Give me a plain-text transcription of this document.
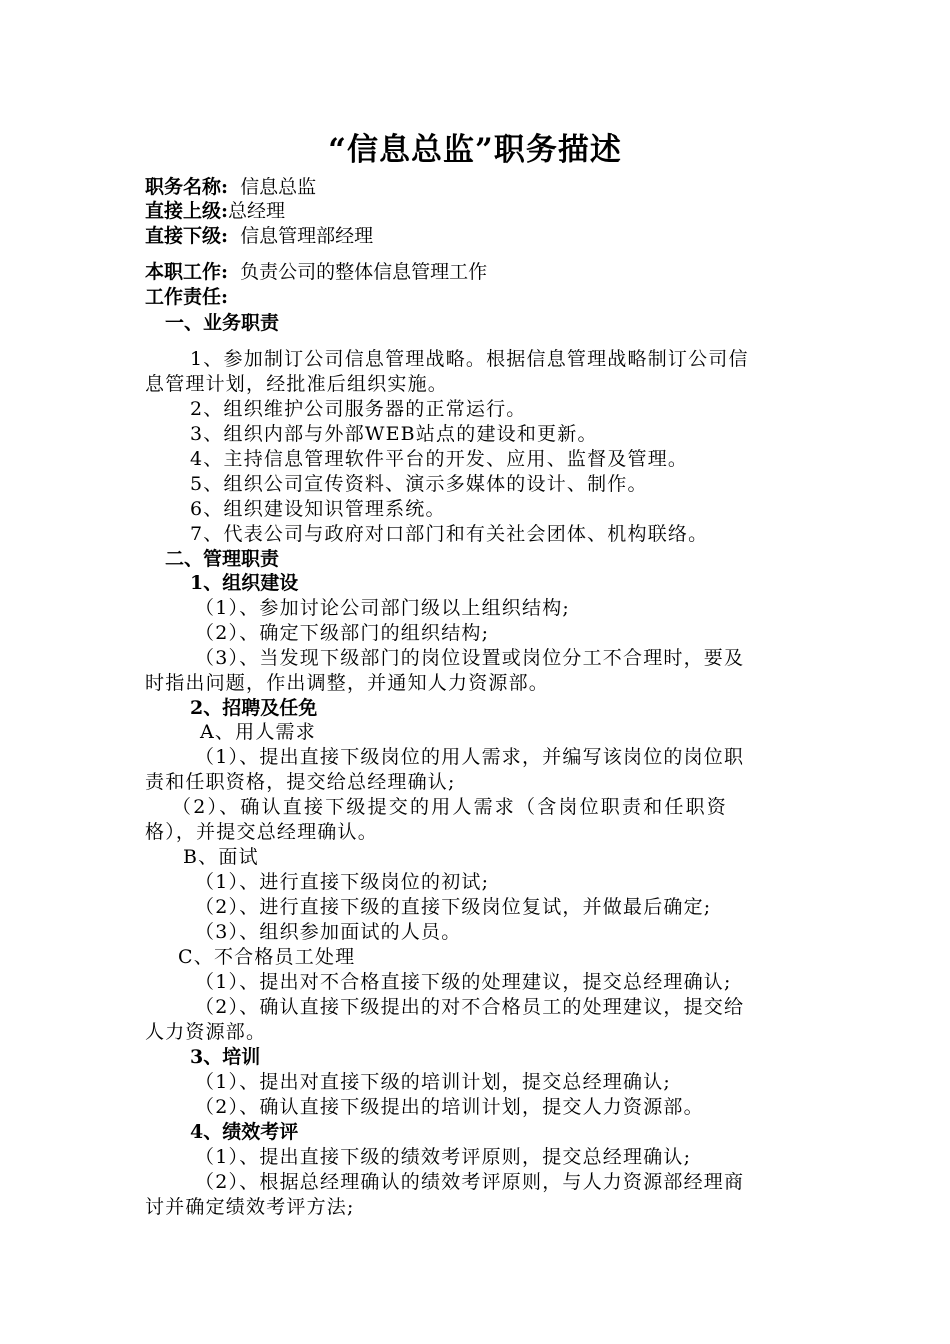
“信息总监”职务描述
职务名称: 信息总监
直接上级:总经理
直接下级: 信息管理部经理
本职工作: 负责公司的整体信息管理工作
工作责任:
一、业务职责
1、参加制订公司信息管理战略。根据信息管理战略制订公司信
息管理计划，经批准后组织实施。
2、组织维护公司服务器的正常运行。
3、组织内部与外部WEB站点的建设和更新。
4、主持信息管理软件平台的开发、应用、监督及管理。
5、组织公司宣传资料、演示多媒体的设计、制作。
6、组织建设知识管理系统。
7、代表公司与政府对口部门和有关社会团体、机构联络。
二、管理职责
1、组织建设
（1）、参加讨论公司部门级以上组织结构;
（2）、确定下级部门的组织结构;
（3）、当发现下级部门的岗位设置或岗位分工不合理时，要及
时指出问题，作出调整，并通知人力资源部。
2、招聘及任免
A、用人需求
（1）、提出直接下级岗位的用人需求，并编写该岗位的岗位职
责和任职资格，提交给总经理确认;
（2）、确认直接下级提交的用人需求（含岗位职责和任职资
格），并提交总经理确认。
B、面试
（1）、进行直接下级岗位的初试;
（2）、进行直接下级的直接下级岗位复试，并做最后确定;
（3）、组织参加面试的人员。
C、不合格员工处理
（1）、提出对不合格直接下级的处理建议，提交总经理确认;
（2）、确认直接下级提出的对不合格员工的处理建议，提交给
人力资源部。
3、培训
（1）、提出对直接下级的培训计划，提交总经理确认;
（2）、确认直接下级提出的培训计划，提交人力资源部。
4、绩效考评
（1）、提出直接下级的绩效考评原则，提交总经理确认;
（2）、根据总经理确认的绩效考评原则，与人力资源部经理商
讨并确定绩效考评方法;
